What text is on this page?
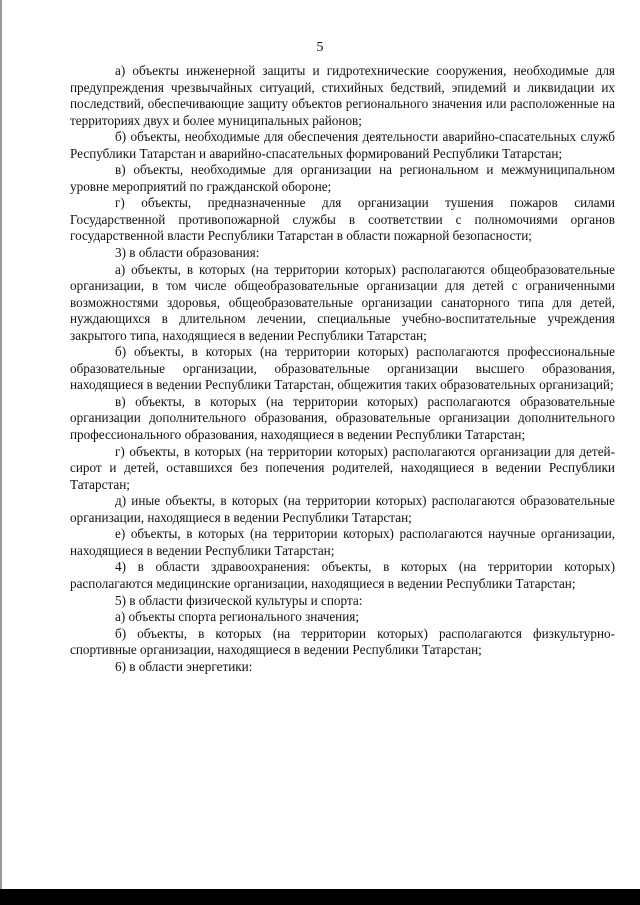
5

а) объекты инженерной защиты и гидротехнические сооружения, необходимые для предупреждения чрезвычайных ситуаций, стихийных бедствий, эпидемий и ликвидации их последствий, обеспечивающие защиту объектов регионального значения или расположенные на территориях двух и более муниципальных районов;

б) объекты, необходимые для обеспечения деятельности аварийно-спасательных служб Республики Татарстан и аварийно-спасательных формирований Республики Татарстан;

в) объекты, необходимые для организации на региональном и межмуниципальном уровне мероприятий по гражданской обороне;

г) объекты, предназначенные для организации тушения пожаров силами Государственной противопожарной службы в соответствии с полномочиями органов государственной власти Республики Татарстан в области пожарной безопасности;

3) в области образования:

а) объекты, в которых (на территории которых) располагаются общеобразовательные организации, в том числе общеобразовательные организации для детей с ограниченными возможностями здоровья, общеобразовательные организации санаторного типа для детей, нуждающихся в длительном лечении, специальные учебно-воспитательные учреждения закрытого типа, находящиеся в ведении Республики Татарстан;

б) объекты, в которых (на территории которых) располагаются профессиональные образовательные организации, образовательные организации высшего образования, находящиеся в ведении Республики Татарстан, общежития таких образовательных организаций;

в) объекты, в которых (на территории которых) располагаются образовательные организации дополнительного образования, образовательные организации дополнительного профессионального образования, находящиеся в ведении Республики Татарстан;

г) объекты, в которых (на территории которых) располагаются организации для детей-сирот и детей, оставшихся без попечения родителей, находящиеся в ведении Республики Татарстан;

д) иные объекты, в которых (на территории которых) располагаются образовательные организации, находящиеся в ведении Республики Татарстан;

е) объекты, в которых (на территории которых) располагаются научные организации, находящиеся в ведении Республики Татарстан;

4) в области здравоохранения: объекты, в которых (на территории которых) располагаются медицинские организации, находящиеся в ведении Республики Татарстан;

5) в области физической культуры и спорта:

а) объекты спорта регионального значения;

б) объекты, в которых (на территории которых) располагаются физкультурно-спортивные организации, находящиеся в ведении Республики Татарстан;

6) в области энергетики:
